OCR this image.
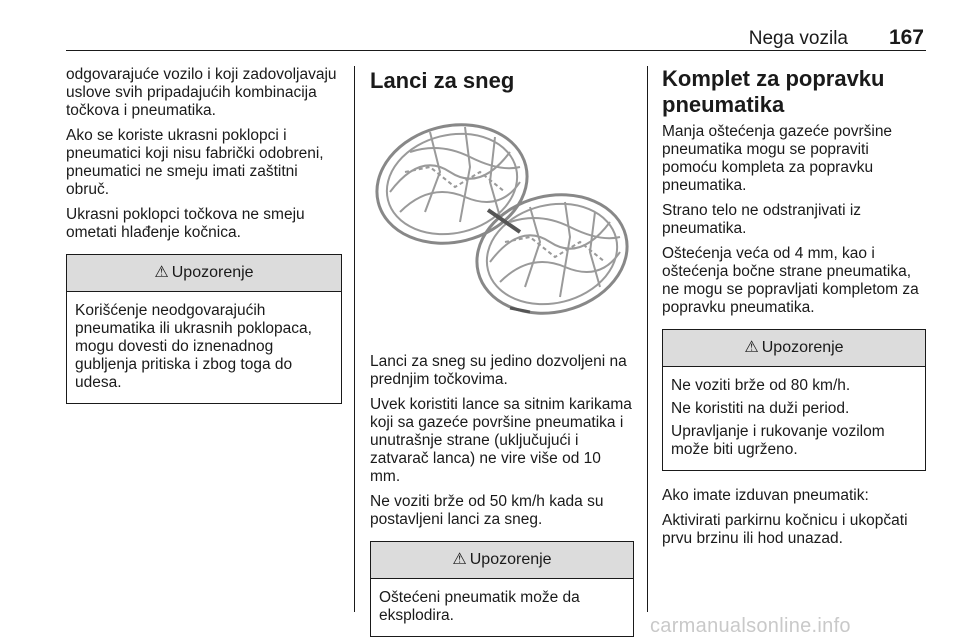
Nega vozila 167

odgovarajuće vozilo i koji zadovoljavaju uslove svih pripadajućih kombinacija točkova i pneumatika.

Ako se koriste ukrasni poklopci i pneumatici koji nisu fabrički odobreni, pneumatici ne smeju imati zaštitni obruč.

Ukrasni poklopci točkova ne smeju ometati hlađenje kočnica.

⚠ Upozorenje

Korišćenje neodgovarajućih pneumatika ili ukrasnih poklopaca, mogu dovesti do iznenadnog gubljenja pritiska i zbog toga do udesa.

Lanci za sneg

Lanci za sneg su jedino dozvoljeni na prednjim točkovima.

Uvek koristiti lance sa sitnim karikama koji sa gazeće površine pneumatika i unutrašnje strane (uključujući i zatvarač lanca) ne vire više od 10 mm.

Ne voziti brže od 50 km/h kada su postavljeni lanci za sneg.

⚠ Upozorenje

Oštećeni pneumatik može da eksplodira.

Komplet za popravku pneumatika

Manja oštećenja gazeće površine pneumatika mogu se popraviti pomoću kompleta za popravku pneumatika.

Strano telo ne odstranjivati iz pneumatika.

Oštećenja veća od 4 mm, kao i oštećenja bočne strane pneumatika, ne mogu se popravljati kompletom za popravku pneumatika.

⚠ Upozorenje

Ne voziti brže od 80 km/h.

Ne koristiti na duži period.

Upravljanje i rukovanje vozilom može biti ugrženo.

Ako imate izduvan pneumatik:

Aktivirati parkirnu kočnicu i ukopčati prvu brzinu ili hod unazad.

carmanualsonline.info
